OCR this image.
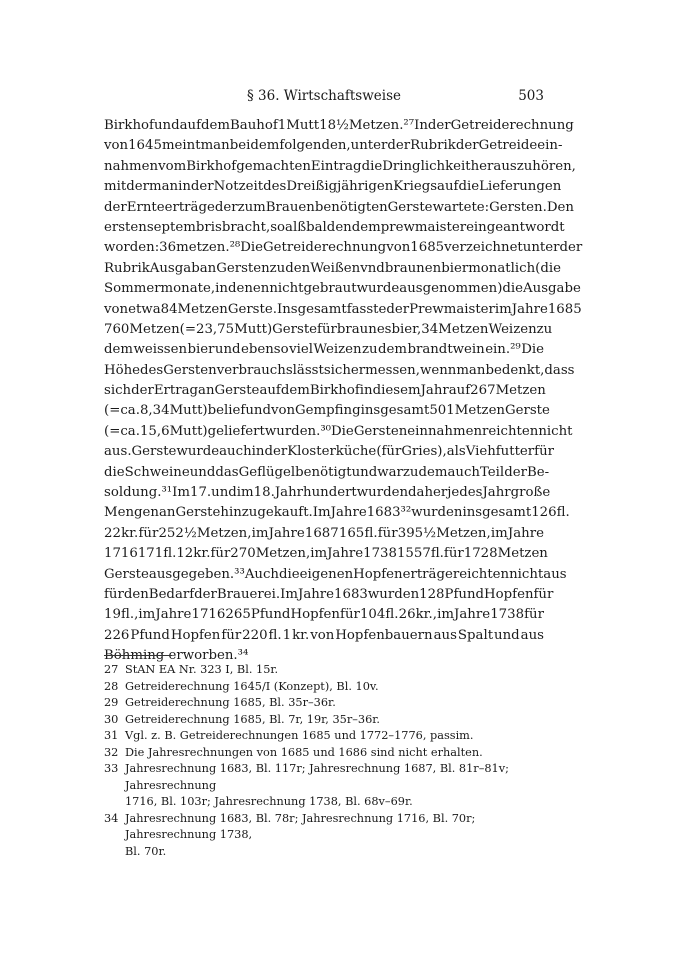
§ 36. Wirtschaftsweise	503
Birkhof und auf dem Bauhof 1 Mutt 18½ Metzen.²⁷ In der Getreiderechnung
von 1645 meint man bei dem folgenden, unter der Rubrik der Getreideein-
nahmen vom Birkhof gemachten Eintrag die Dringlichkeit herauszuhören,
mit der man in der Notzeit des Dreißigjährigen Kriegs auf die Lieferungen
der Ernteerträge der zum Brauen benötigten Gerste wartete: Gersten. Den
ersten septembris bracht, so alßbalden dem prewmaister eingeantwordt
worden: 36 metzen.²⁸ Die Getreiderechnung von 1685 verzeichnet unter der
Rubrik Ausgab an Gersten zu den Weißen vnd braunen bier monatlich (die
Sommermonate, in denen nicht gebraut wurde ausgenommen) die Ausgabe
von etwa 84 Metzen Gerste. Insgesamt fasste der Prewmaister im Jahre 1685
760 Metzen (= 23,75 Mutt) Gerste für braunes bier, 34 Metzen Weizen zu
dem weissen bier und ebenso viel Weizen zu dem brandtwein ein.²⁹ Die
Höhe des Gerstenverbrauchs lässt sich ermessen, wenn man bedenkt, dass
sich der Ertrag an Gerste auf dem Birkhof in diesem Jahr auf 267 Metzen
(= ca. 8,34 Mutt) belief und von Gempfing insgesamt 501 Metzen Gerste
(= ca. 15,6 Mutt) geliefert wurden.³⁰ Die Gersteneinnahmen reichten nicht
aus. Gerste wurde auch in der Klosterküche (für Gries), als Viehfutter für
die Schweine und das Geflügel benötigt und war zudem auch Teil der Be-
soldung.³¹ Im 17. und im 18. Jahrhundert wurden daher jedes Jahr große
Mengen an Gerste hinzugekauft. Im Jahre 1683³² wurden insgesamt 126 fl.
22 kr. für 252½ Metzen, im Jahre 1687 165 fl. für 395½ Metzen, im Jahre
1716 171 fl. 12 kr. für 270 Metzen, im Jahre 1738 1557 fl. für 1728 Metzen
Gerste ausgegeben.³³ Auch die eigenen Hopfenerträge reichten nicht aus
für den Bedarf der Brauerei. Im Jahre 1683 wurden 128 Pfund Hopfen für
19 fl., im Jahre 1716 265 Pfund Hopfen für 104 fl. 26 kr., im Jahre 1738 für
226 Pfund Hopfen für 220 fl. 1 kr. von Hopfenbauern aus Spalt und aus
Böhming erworben.³⁴
27 StAN EA Nr. 323 I, Bl. 15r.
28 Getreiderechnung 1645/I (Konzept), Bl. 10v.
29 Getreiderechnung 1685, Bl. 35r–36r.
30 Getreiderechnung 1685, Bl. 7r, 19r, 35r–36r.
31 Vgl. z. B. Getreiderechnungen 1685 und 1772–1776, passim.
32 Die Jahresrechnungen von 1685 und 1686 sind nicht erhalten.
33 Jahresrechnung 1683, Bl. 117r; Jahresrechnung 1687, Bl. 81r–81v; Jahresrechnung
1716, Bl. 103r; Jahresrechnung 1738, Bl. 68v–69r.
34 Jahresrechnung 1683, Bl. 78r; Jahresrechnung 1716, Bl. 70r; Jahresrechnung 1738,
Bl. 70r.
